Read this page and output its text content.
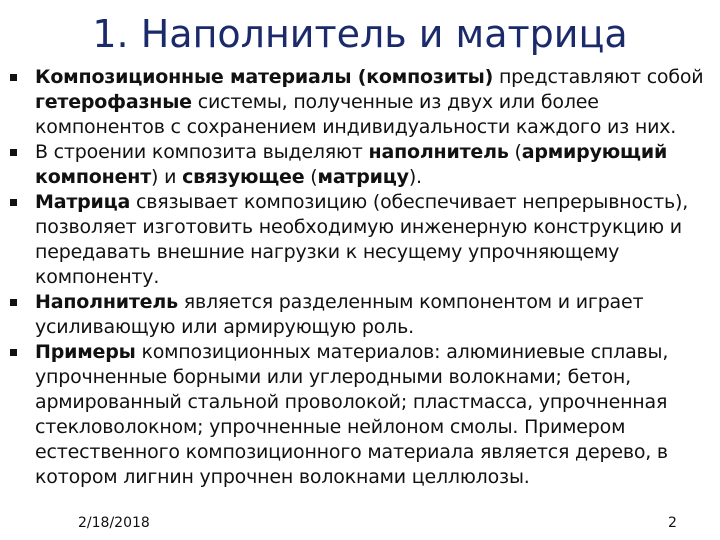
1. Наполнитель и матрица
Композиционные материалы (композиты) представляют собой гетерофазные системы, полученные из двух или более компонентов с сохранением индивидуальности каждого из них.
В строении композита выделяют наполнитель (армирующий компонент) и связующее (матрицу).
Матрица связывает композицию (обеспечивает непрерывность), позволяет изготовить необходимую инженерную конструкцию и передавать внешние нагрузки к несущему упрочняющему компоненту.
Наполнитель является разделенным компонентом и играет усиливающую или армирующую роль.
Примеры композиционных материалов: алюминиевые сплавы, упрочненные борными или углеродными волокнами; бетон, армированный стальной проволокой; пластмасса, упрочненная стекловолокном; упрочненные нейлоном смолы. Примером естественного композиционного материала является дерево, в котором лигнин упрочнен волокнами целлюлозы.
2/18/2018	2
